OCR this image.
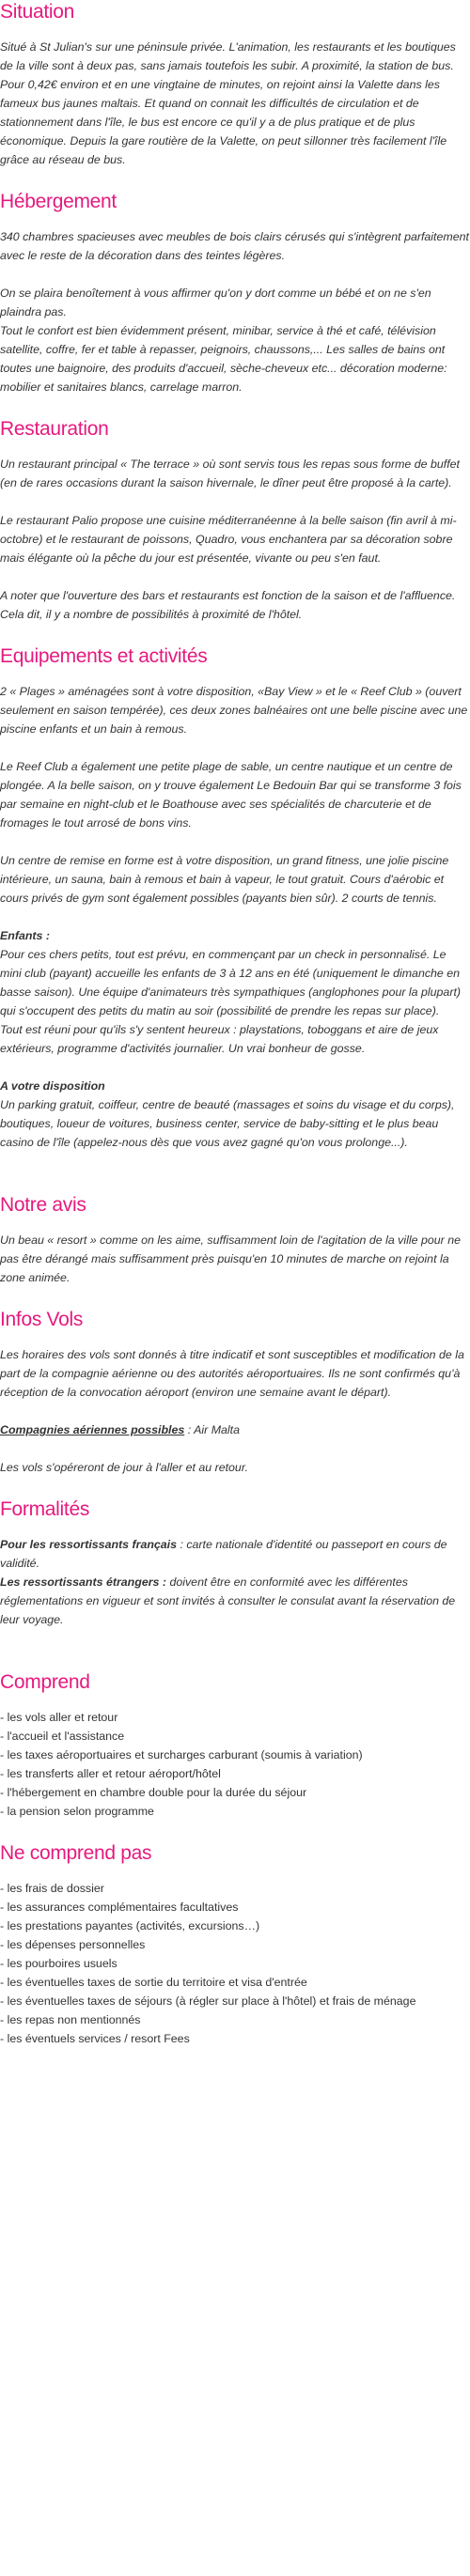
Situation

Situé à St Julian's sur une péninsule privée. L'animation, les restaurants et les boutiques de la ville sont à deux pas, sans jamais toutefois les subir. A proximité, la station de bus. Pour 0,42€ environ et en une vingtaine de minutes, on rejoint ainsi la Valette dans les fameux bus jaunes maltais. Et quand on connait les difficultés de circulation et de stationnement dans l'île, le bus est encore ce qu'il y a de plus pratique et de plus économique. Depuis la gare routière de la Valette, on peut sillonner très facilement l'île grâce au réseau de bus.

Hébergement

340 chambres spacieuses avec meubles de bois clairs cérusés qui s'intègrent parfaitement avec le reste de la décoration dans des teintes légères.

On se plaira benoîtement à vous affirmer qu'on y dort comme un bébé et on ne s'en plaindra pas.

Tout le confort est bien évidemment présent, minibar, service à thé et café, télévision satellite, coffre, fer et table à repasser, peignoirs, chaussons,... Les salles de bains ont toutes une baignoire, des produits d'accueil, sèche-cheveux etc... décoration moderne: mobilier et sanitaires blancs, carrelage marron.

Restauration

Un restaurant principal « The terrace » où sont servis tous les repas sous forme de buffet (en de rares occasions durant la saison hivernale, le dîner peut être proposé à la carte).

Le restaurant Palio propose une cuisine méditerranéenne à la belle saison (fin avril à mi-octobre) et le restaurant de poissons, Quadro, vous enchantera par sa décoration sobre mais élégante où la pêche du jour est présentée, vivante ou peu s'en faut.

A noter que l'ouverture des bars et restaurants est fonction de la saison et de l'affluence. Cela dit, il y a nombre de possibilités à proximité de l'hôtel.

Equipements et activités

2 « Plages » aménagées sont à votre disposition, «Bay View » et le « Reef Club » (ouvert seulement en saison tempérée), ces deux zones balnéaires ont une belle piscine avec une piscine enfants et un bain à remous.

Le Reef Club a également une petite plage de sable, un centre nautique et un centre de plongée. A la belle saison, on y trouve également Le Bedouin Bar qui se transforme 3 fois par semaine en night-club et le Boathouse avec ses spécialités de charcuterie et de fromages le tout arrosé de bons vins.

Un centre de remise en forme est à votre disposition, un grand fitness, une jolie piscine intérieure, un sauna, bain à remous et bain à vapeur, le tout gratuit. Cours d'aérobic et cours privés de gym sont également possibles (payants bien sûr). 2 courts de tennis.

Enfants :

Pour ces chers petits, tout est prévu, en commençant par un check in personnalisé. Le mini club (payant) accueille les enfants de 3 à 12 ans en été (uniquement le dimanche en basse saison). Une équipe d'animateurs très sympathiques (anglophones pour la plupart) qui s'occupent des petits du matin au soir (possibilité de prendre les repas sur place).

Tout est réuni pour qu'ils s'y sentent heureux : playstations, toboggans et aire de jeux extérieurs, programme d'activités journalier. Un vrai bonheur de gosse.

A votre disposition

Un parking gratuit, coiffeur, centre de beauté (massages et soins du visage et du corps), boutiques, loueur de voitures, business center, service de baby-sitting et le plus beau casino de l'île (appelez-nous dès que vous avez gagné qu'on vous prolonge...).

Notre avis

Un beau « resort » comme on les aime, suffisamment loin de l'agitation de la ville pour ne pas être dérangé mais suffisamment près puisqu'en 10 minutes de marche on rejoint la zone animée.

Infos Vols

Les horaires des vols sont donnés à titre indicatif et sont susceptibles et modification de la part de la compagnie aérienne ou des autorités aéroportuaires. Ils ne sont confirmés qu'à réception de la convocation aéroport (environ une semaine avant le départ).

Compagnies aériennes possibles : Air Malta

Les vols s'opéreront de jour à l'aller et au retour.

Formalités

Pour les ressortissants français : carte nationale d'identité ou passeport en cours de validité.

Les ressortissants étrangers : doivent être en conformité avec les différentes réglementations en vigueur et sont invités à consulter le consulat avant la réservation de leur voyage.

Comprend
- les vols aller et retour
- l'accueil et l'assistance
- les taxes aéroportuaires et surcharges carburant (soumis à variation)
- les transferts aller et retour aéroport/hôtel
- l'hébergement en chambre double pour la durée du séjour
- la pension selon programme
Ne comprend pas
- les frais de dossier
- les assurances complémentaires facultatives
- les prestations payantes (activités, excursions…)
- les dépenses personnelles
- les pourboires usuels
- les éventuelles taxes de sortie du territoire et visa d'entrée
- les éventuelles taxes de séjours (à régler sur place à l'hôtel) et frais de ménage
- les repas non mentionnés
- les éventuels services / resort Fees
